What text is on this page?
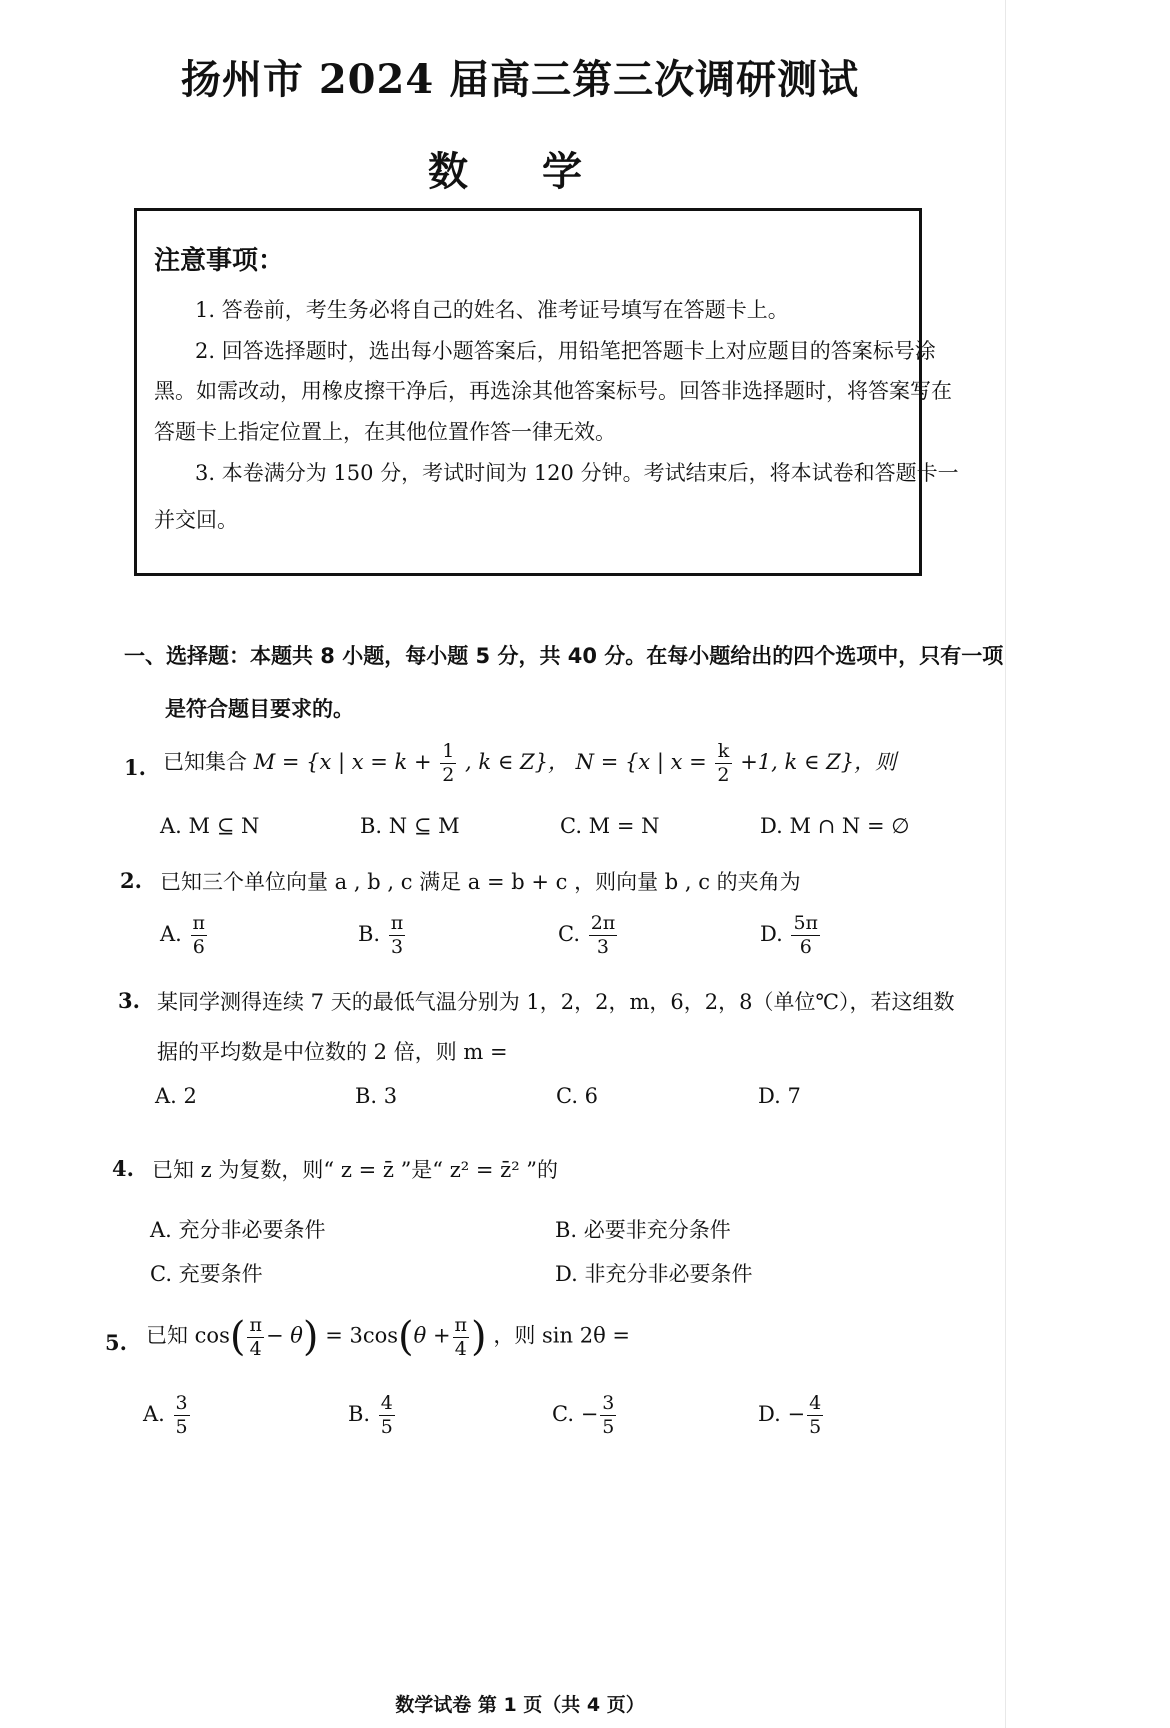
扬州市 2024 届高三第三次调研测试
数 学
注意事项：
1. 答卷前，考生务必将自己的姓名、准考证号填写在答题卡上。
2. 回答选择题时，选出每小题答案后，用铅笔把答题卡上对应题目的答案标号涂
黑。如需改动，用橡皮擦干净后，再选涂其他答案标号。回答非选择题时，将答案写在
答题卡上指定位置上，在其他位置作答一律无效。
3. 本卷满分为 150 分，考试时间为 120 分钟。考试结束后，将本试卷和答题卡一
并交回。
一、选择题：本题共 8 小题，每小题 5 分，共 40 分。在每小题给出的四个选项中，只有一项
是符合题目要求的。
1. 已知集合 M = {x | $x = k + \frac{1}{2}$ , k ∈ Z}， N = {x | $x = \frac{k}{2} +1$, k ∈ Z}，则
A. M ⊆ N	B. N ⊆ M	C. M = N	D. M ∩ N = ∅
2. 已知三个单位向量 a , b , c 满足 a = b + c ，则向量 b , c 的夹角为
A. $\frac{\pi}{6}$	B. $\frac{\pi}{3}$	C. $\frac{2\pi}{3}$	D. $\frac{5\pi}{6}$
3. 某同学测得连续 7 天的最低气温分别为 1，2，2，m，6，2，8（单位℃），若这组数
据的平均数是中位数的 2 倍，则 m =
A. 2	B. 3	C. 6	D. 7
4. 已知 z 为复数，则“ z = z̄ ”是“ z² = z̄² ”的
A. 充分非必要条件	B. 必要非充分条件
C. 充要条件	D. 非充分非必要条件
5. 已知 $\cos( \frac{\pi}{4} - \theta) = 3\cos(\theta + \frac{\pi}{4}$ ) ，则 sin 2θ =
A. $\frac{3}{5}$	B. $\frac{4}{5}$	C. − $\frac{3}{5}$	D. − $\frac{4}{5}$
数学试卷 第 1 页（共 4 页）
